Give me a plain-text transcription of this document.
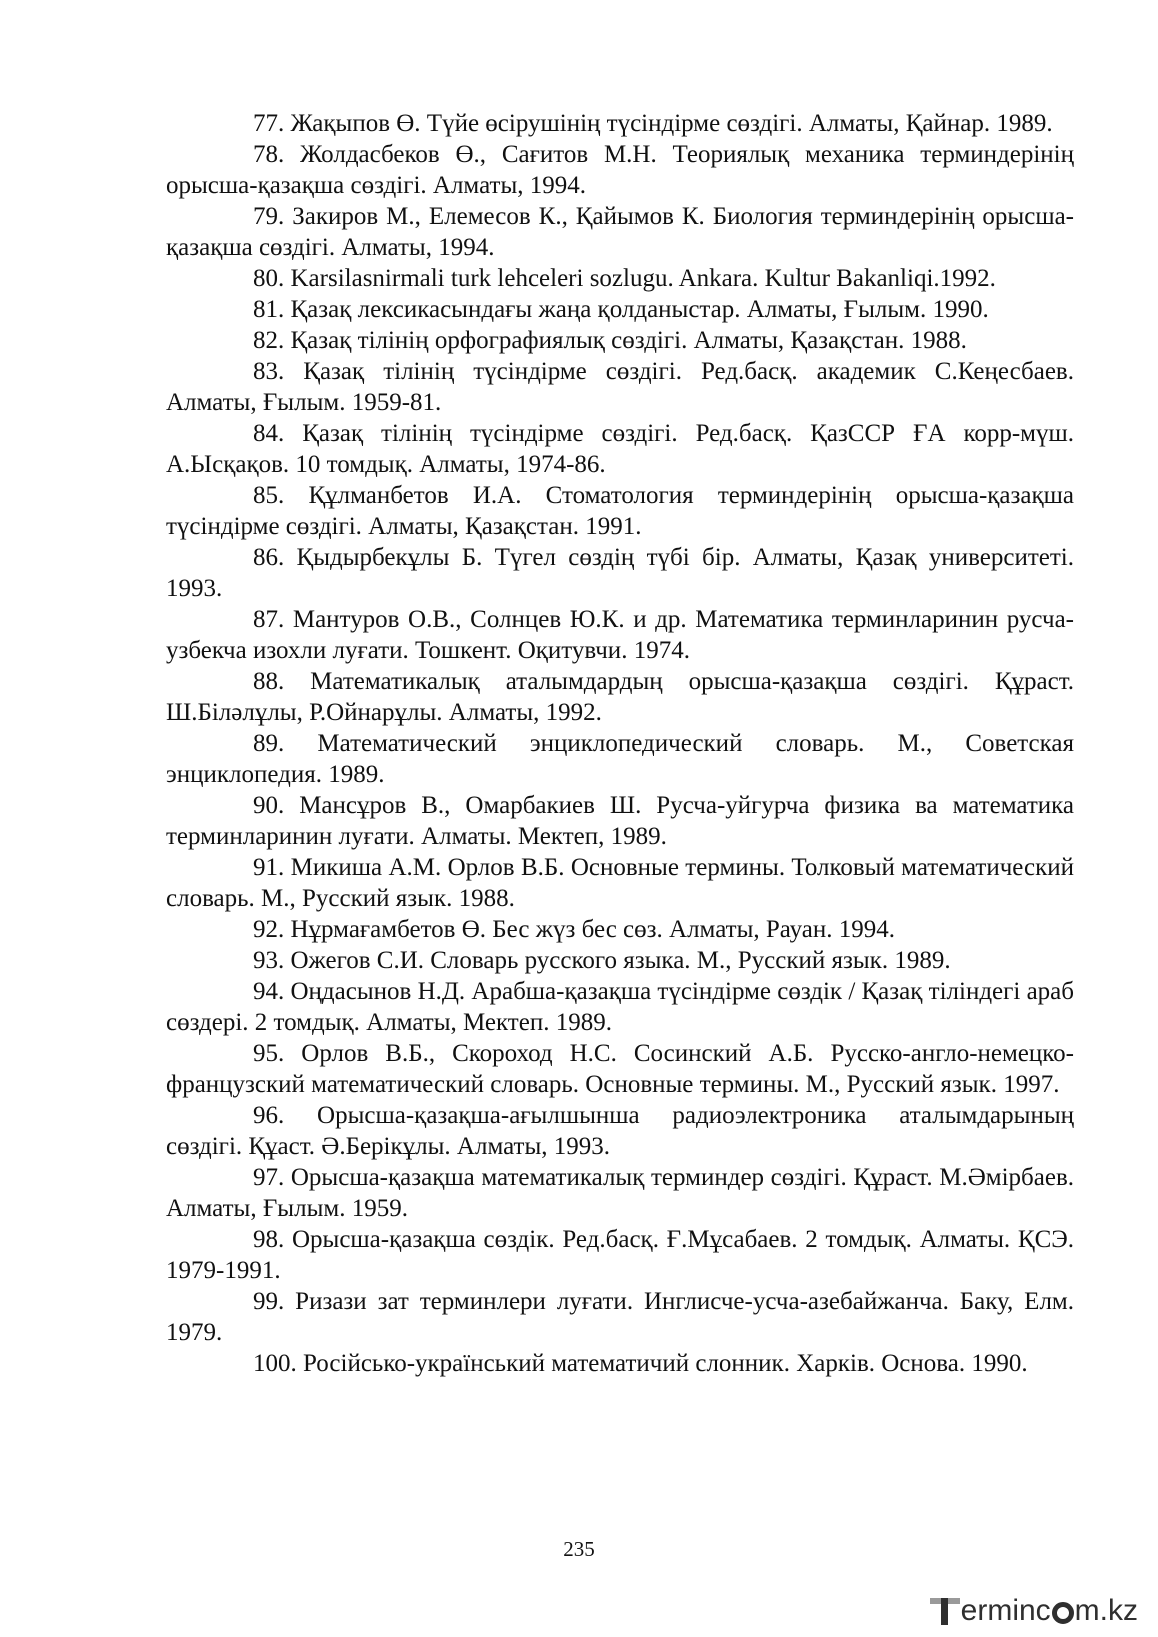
77. Жақыпов Ө. Түйе өсірушінің түсіндірме сөздігі. Алматы, Қайнар. 1989.
78. Жолдасбеков Ө., Сағитов М.Н. Теориялық механика терминдерінің орысша-қазақша сөздігі. Алматы, 1994.
79. Закиров М., Елемесов К., Қайымов К. Биология терминдерінің орысша-қазақша сөздігі. Алматы, 1994.
80. Karsilasnirmali turk lehceleri sozlugu. Ankara. Kultur Bakanliqi.1992.
81. Қазақ лексикасындағы жаңа қолданыстар. Алматы, Ғылым. 1990.
82. Қазақ тілінің орфографиялық сөздігі. Алматы, Қазақстан. 1988.
83. Қазақ тілінің түсіндірме сөздігі. Ред.басқ. академик С.Кеңесбаев. Алматы, Ғылым. 1959-81.
84. Қазақ тілінің түсіндірме сөздігі. Ред.басқ. ҚазССР ҒА корр-мүш. А.Ысқақов. 10 томдық. Алматы, 1974-86.
85. Құлманбетов И.А. Стоматология терминдерінің орысша-қазақша түсіндірме сөздігі. Алматы, Қазақстан. 1991.
86. Қыдырбекұлы Б. Түгел сөздің түбі бір. Алматы, Қазақ университеті. 1993.
87. Мантуров О.В., Солнцев Ю.К. и др. Математика терминларинин русча-узбекча изохли луғати. Тошкент. Оқитувчи. 1974.
88. Математикалық аталымдардың орысша-қазақша сөздігі. Құраст. Ш.Біләлұлы, Р.Ойнарұлы. Алматы, 1992.
89. Математический энциклопедический словарь. М., Советская энциклопедия. 1989.
90. Мансұров В., Омарбакиев Ш. Русча-уйгурча физика ва математика терминларинин луғати. Алматы. Мектеп, 1989.
91. Микиша А.М. Орлов В.Б. Основные термины. Толковый математический словарь. М., Русский язык. 1988.
92. Нұрмағамбетов Ө. Бес жүз бес сөз. Алматы, Рауан. 1994.
93. Ожегов С.И. Словарь русского языка. М., Русский язык. 1989.
94. Оңдасынов Н.Д. Арабша-қазақша түсіндірме сөздік / Қазақ тіліндегі араб сөздері. 2 томдық. Алматы, Мектеп. 1989.
95. Орлов В.Б., Скороход Н.С. Сосинский А.Б. Русско-англо-немецко-французский математический словарь. Основные термины. М., Русский язык. 1997.
96. Орысша-қазақша-ағылшынша радиоэлектроника аталымдарының сөздігі. Құаст. Ә.Берікұлы. Алматы, 1993.
97. Орысша-қазақша математикалық терминдер сөздігі. Құраст. М.Әмірбаев. Алматы, Ғылым. 1959.
98. Орысша-қазақша сөздік. Ред.басқ. Ғ.Мұсабаев. 2 томдық. Алматы. ҚСЭ. 1979-1991.
99. Ризази зат терминлери луғати. Инглисче-усча-азебайжанча. Баку, Елм. 1979.
100. Російсько-український математичий слонник. Харків. Основа. 1990.
235
ermin c m.kz
